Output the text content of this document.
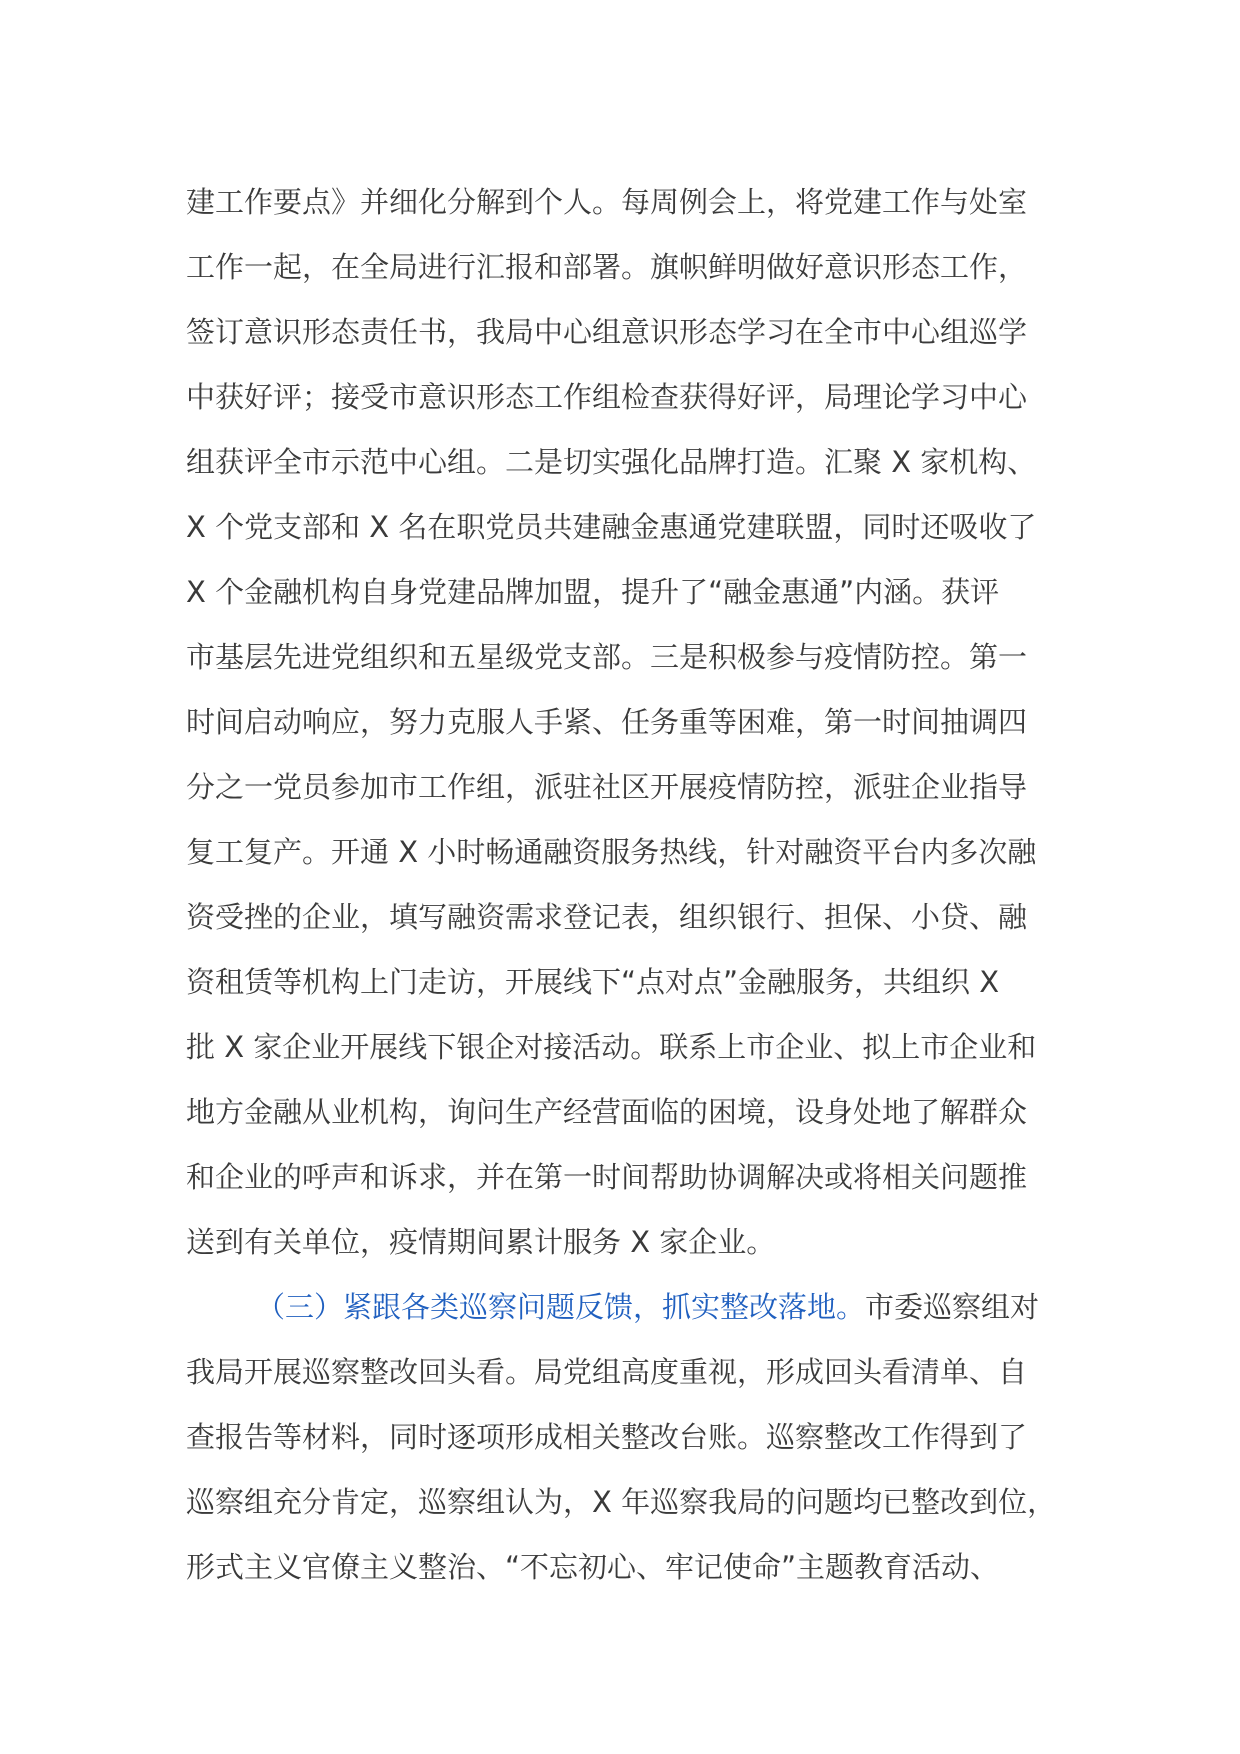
建工作要点》并细化分解到个人。每周例会上，将党建工作与处室
工作一起，在全局进行汇报和部署。旗帜鲜明做好意识形态工作，
签订意识形态责任书，我局中心组意识形态学习在全市中心组巡学
中获好评；接受市意识形态工作组检查获得好评，局理论学习中心
组获评全市示范中心组。二是切实强化品牌打造。汇聚 X 家机构、
X 个党支部和 X 名在职党员共建融金惠通党建联盟，同时还吸收了
X 个金融机构自身党建品牌加盟，提升了“融金惠通”内涵。获评
市基层先进党组织和五星级党支部。三是积极参与疫情防控。第一
时间启动响应，努力克服人手紧、任务重等困难，第一时间抽调四
分之一党员参加市工作组，派驻社区开展疫情防控，派驻企业指导
复工复产。开通 X 小时畅通融资服务热线，针对融资平台内多次融
资受挫的企业，填写融资需求登记表，组织银行、担保、小贷、融
资租赁等机构上门走访，开展线下“点对点”金融服务，共组织 X
批 X 家企业开展线下银企对接活动。联系上市企业、拟上市企业和
地方金融从业机构，询问生产经营面临的困境，设身处地了解群众
和企业的呼声和诉求，并在第一时间帮助协调解决或将相关问题推
送到有关单位，疫情期间累计服务 X 家企业。
（三）紧跟各类巡察问题反馈，抓实整改落地。市委巡察组对
我局开展巡察整改回头看。局党组高度重视，形成回头看清单、自
查报告等材料，同时逐项形成相关整改台账。巡察整改工作得到了
巡察组充分肯定，巡察组认为，X 年巡察我局的问题均已整改到位，
形式主义官僚主义整治、“不忘初心、牢记使命”主题教育活动、
